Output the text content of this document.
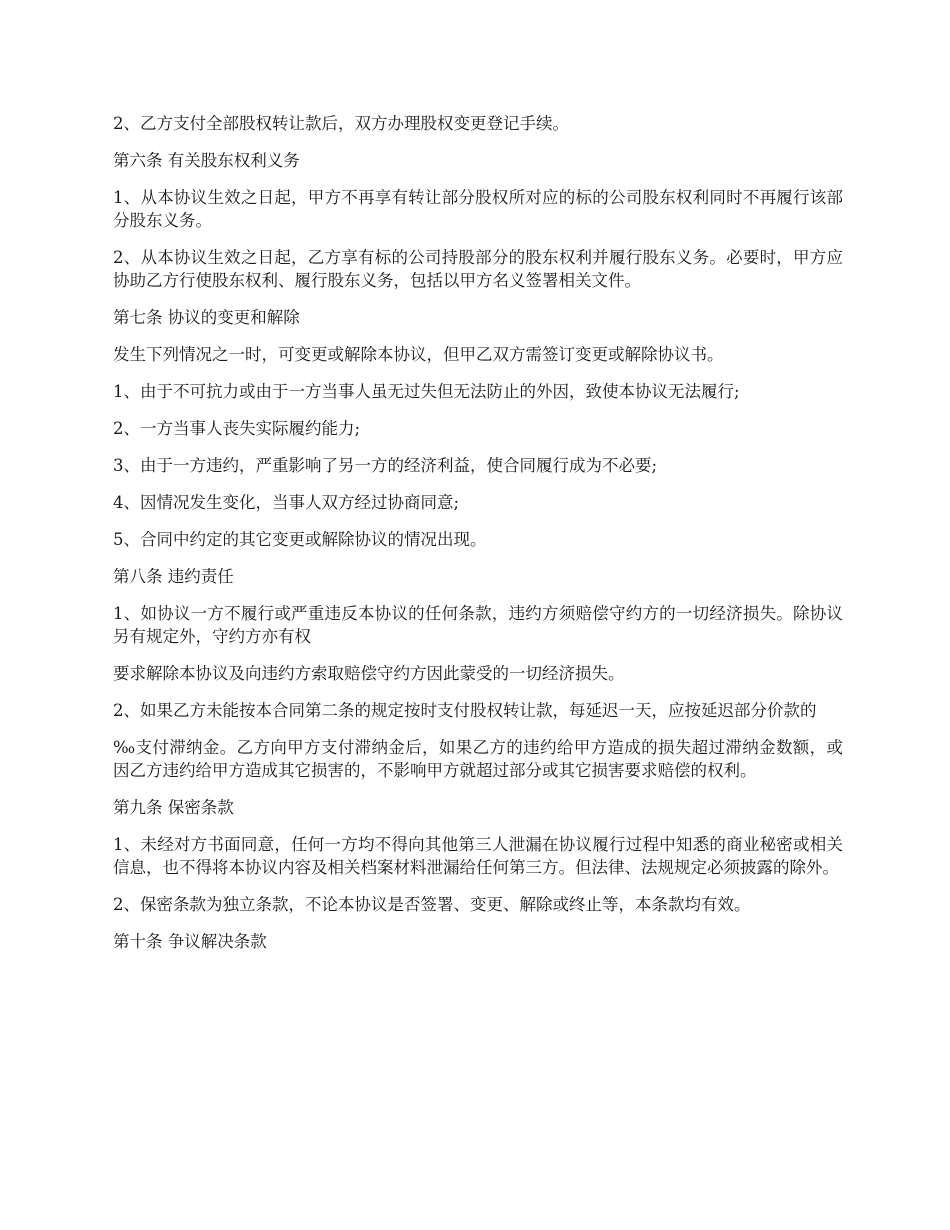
2、乙方支付全部股权转让款后，双方办理股权变更登记手续。

第六条 有关股东权利义务

1、从本协议生效之日起，甲方不再享有转让部分股权所对应的标的公司股东权利同时不再履行该部分股东义务。

2、从本协议生效之日起，乙方享有标的公司持股部分的股东权利并履行股东义务。必要时，甲方应协助乙方行使股东权利、履行股东义务，包括以甲方名义签署相关文件。

第七条 协议的变更和解除

发生下列情况之一时，可变更或解除本协议，但甲乙双方需签订变更或解除协议书。

1、由于不可抗力或由于一方当事人虽无过失但无法防止的外因，致使本协议无法履行;

2、一方当事人丧失实际履约能力;

3、由于一方违约，严重影响了另一方的经济利益，使合同履行成为不必要;

4、因情况发生变化，当事人双方经过协商同意;

5、合同中约定的其它变更或解除协议的情况出现。

第八条 违约责任

1、如协议一方不履行或严重违反本协议的任何条款，违约方须赔偿守约方的一切经济损失。除协议另有规定外，守约方亦有权

要求解除本协议及向违约方索取赔偿守约方因此蒙受的一切经济损失。

2、如果乙方未能按本合同第二条的规定按时支付股权转让款，每延迟一天，应按延迟部分价款的

‰支付滞纳金。乙方向甲方支付滞纳金后，如果乙方的违约给甲方造成的损失超过滞纳金数额，或因乙方违约给甲方造成其它损害的，不影响甲方就超过部分或其它损害要求赔偿的权利。

第九条 保密条款

1、未经对方书面同意，任何一方均不得向其他第三人泄漏在协议履行过程中知悉的商业秘密或相关信息，也不得将本协议内容及相关档案材料泄漏给任何第三方。但法律、法规规定必须披露的除外。

2、保密条款为独立条款，不论本协议是否签署、变更、解除或终止等，本条款均有效。

第十条 争议解决条款
